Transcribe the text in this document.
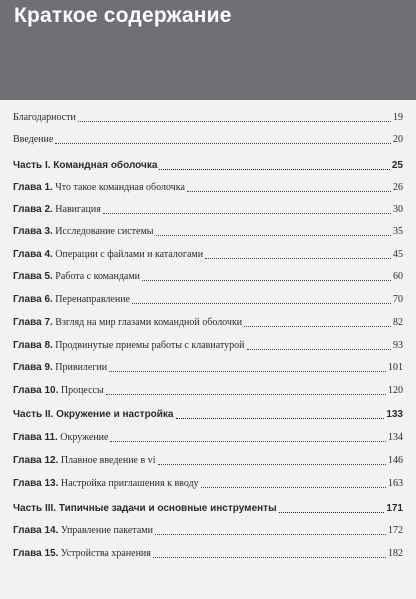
Краткое содержание
Благодарности	19
Введение	20
Часть I. Командная оболочка	25
Глава 1. Что такое командная оболочка	26
Глава 2. Навигация	30
Глава 3. Исследование системы	35
Глава 4. Операции с файлами и каталогами	45
Глава 5. Работа с командами	60
Глава 6. Перенаправление	70
Глава 7. Взгляд на мир глазами командной оболочки	82
Глава 8. Продвинутые приемы работы с клавиатурой	93
Глава 9. Привилегии	101
Глава 10. Процессы	120
Часть II. Окружение и настройка	133
Глава 11. Окружение	134
Глава 12. Плавное введение в vi	146
Глава 13. Настройка приглашения к вводу	163
Часть III. Типичные задачи и основные инструменты	171
Глава 14. Управление пакетами	172
Глава 15. Устройства хранения	182
